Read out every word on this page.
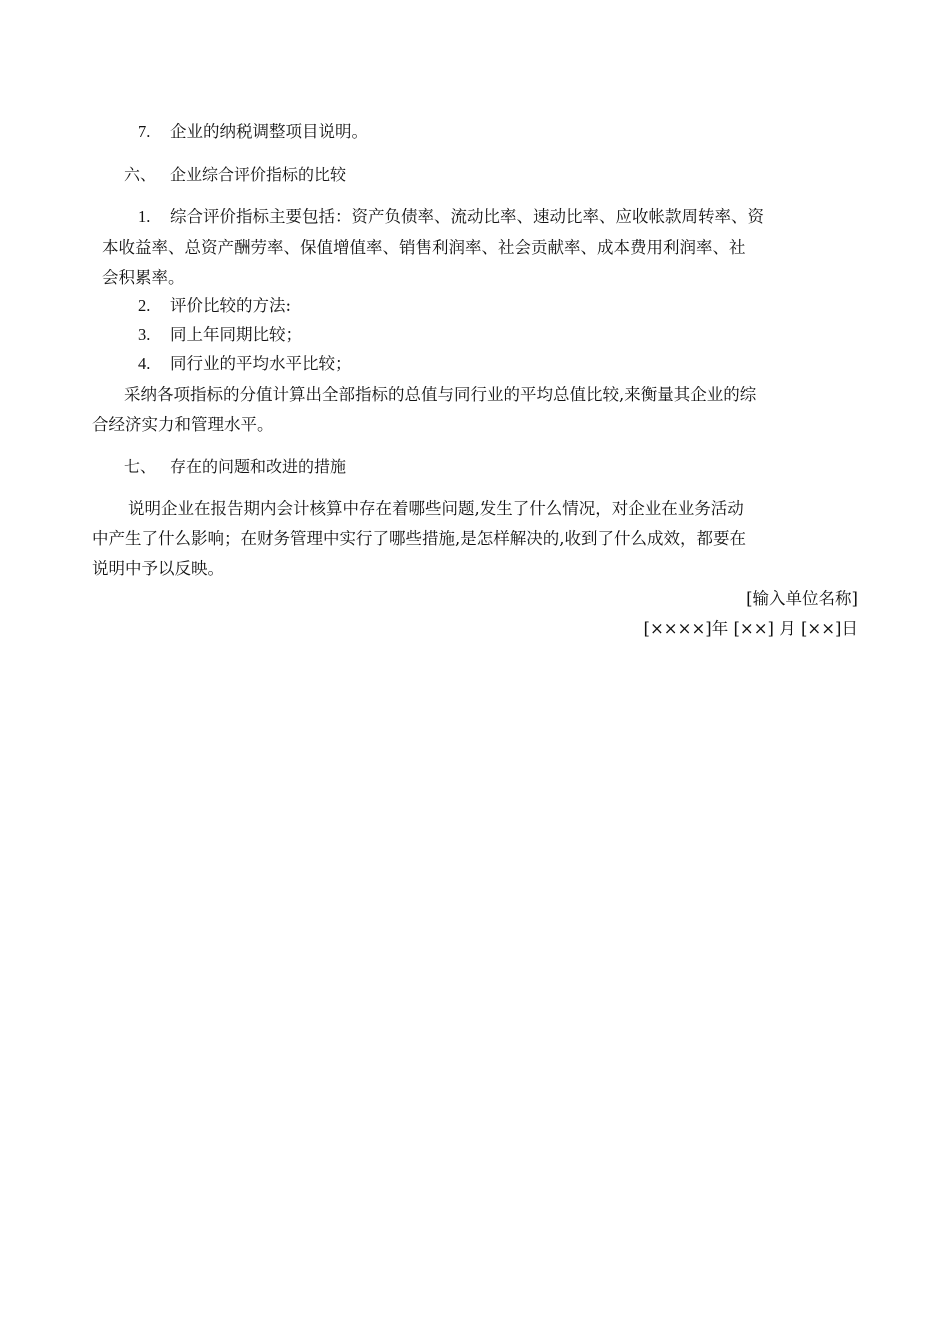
7. 企业的纳税调整项目说明。

六、 企业综合评价指标的比较

1. 综合评价指标主要包括：资产负债率、流动比率、速动比率、应收帐款周转率、资

本收益率、总资产酬劳率、保值增值率、销售利润率、社会贡献率、成本费用利润率、社

会积累率。

2. 评价比较的方法:

3. 同上年同期比较；

4. 同行业的平均水平比较；

采纳各项指标的分值计算出全部指标的总值与同行业的平均总值比较,来衡量其企业的综

合经济实力和管理水平。

七、 存在的问题和改进的措施

说明企业在报告期内会计核算中存在着哪些问题,发生了什么情况，对企业在业务活动

中产生了什么影响；在财务管理中实行了哪些措施,是怎样解决的,收到了什么成效，都要在

说明中予以反映。

[输入单位名称]

[××××]年 [××] 月 [××]日
